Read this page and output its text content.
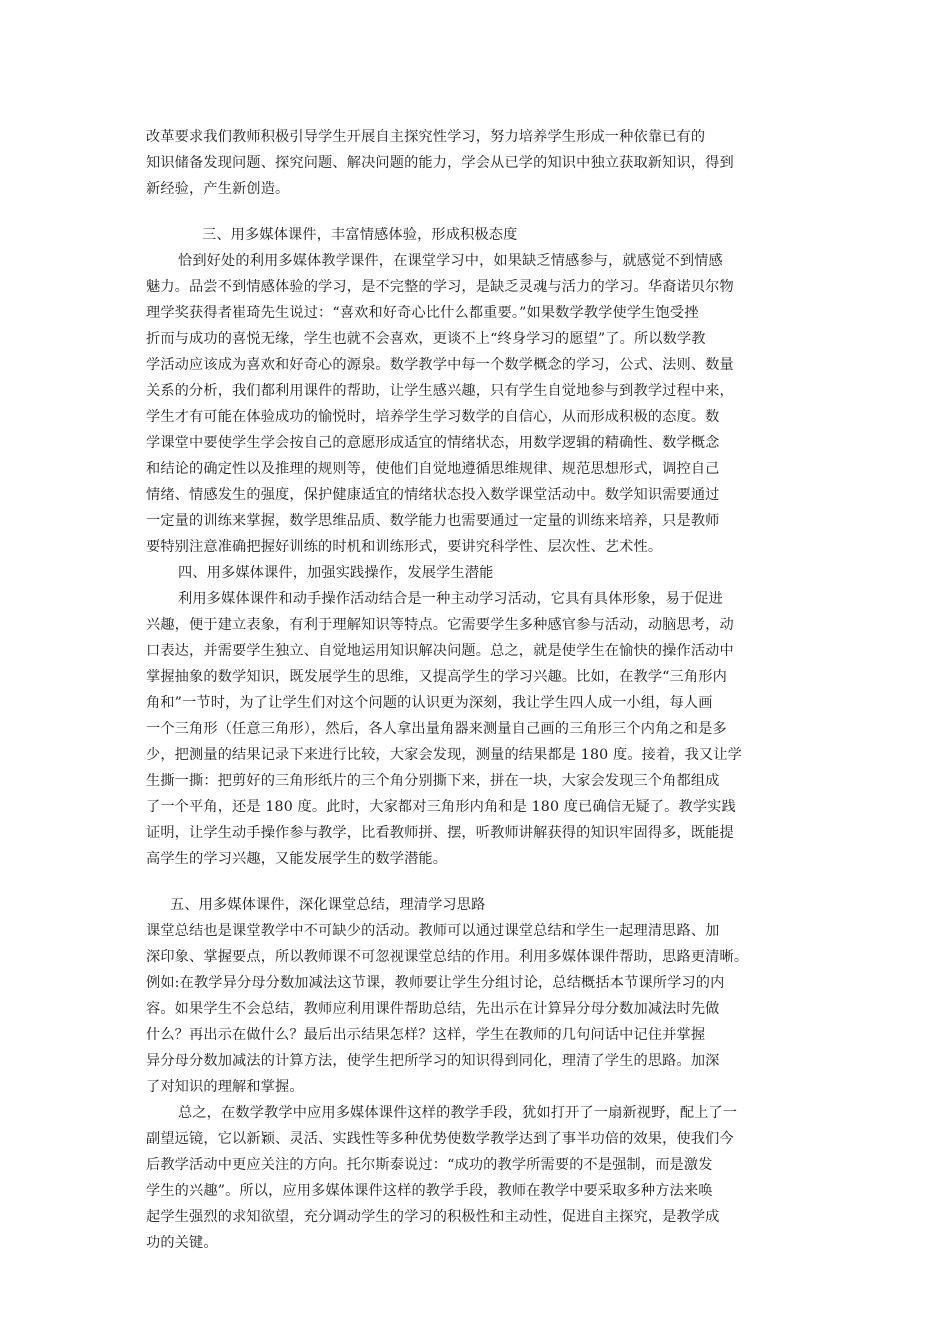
改革要求我们教师积极引导学生开展自主探究性学习，努力培养学生形成一种依靠已有的
知识储备发现问题、探究问题、解决问题的能力，学会从已学的知识中独立获取新知识，得到
新经验，产生新创造。
三、用多媒体课件，丰富情感体验，形成积极态度
恰到好处的利用多媒体教学课件，在课堂学习中，如果缺乏情感参与，就感觉不到情感
魅力。品尝不到情感体验的学习，是不完整的学习，是缺乏灵魂与活力的学习。华裔诺贝尔物
理学奖获得者崔琦先生说过：“喜欢和好奇心比什么都重要。”如果数学教学使学生饱受挫
折而与成功的喜悦无缘，学生也就不会喜欢，更谈不上“终身学习的愿望”了。所以数学教
学活动应该成为喜欢和好奇心的源泉。数学教学中每一个数学概念的学习，公式、法则、数量
关系的分析，我们都利用课件的帮助，让学生感兴趣，只有学生自觉地参与到教学过程中来，
学生才有可能在体验成功的愉悦时，培养学生学习数学的自信心，从而形成积极的态度。数
学课堂中要使学生学会按自己的意愿形成适宜的情绪状态，用数学逻辑的精确性、数学概念
和结论的确定性以及推理的规则等，使他们自觉地遵循思维规律、规范思想形式，调控自己
情绪、情感发生的强度，保护健康适宜的情绪状态投入数学课堂活动中。数学知识需要通过
一定量的训练来掌握，数学思维品质、数学能力也需要通过一定量的训练来培养，只是教师
要特别注意准确把握好训练的时机和训练形式，要讲究科学性、层次性、艺术性。
四、用多媒体课件，加强实践操作，发展学生潜能
利用多媒体课件和动手操作活动结合是一种主动学习活动，它具有具体形象，易于促进
兴趣，便于建立表象，有利于理解知识等特点。它需要学生多种感官参与活动，动脑思考，动
口表达，并需要学生独立、自觉地运用知识解决问题。总之，就是使学生在愉快的操作活动中
掌握抽象的数学知识，既发展学生的思维，又提高学生的学习兴趣。比如，在教学“三角形内
角和”一节时，为了让学生们对这个问题的认识更为深刻，我让学生四人成一小组，每人画
一个三角形（任意三角形），然后，各人拿出量角器来测量自己画的三角形三个内角之和是多
少，把测量的结果记录下来进行比较，大家会发现，测量的结果都是 180 度。接着，我又让学
生撕一撕：把剪好的三角形纸片的三个角分别撕下来，拼在一块，大家会发现三个角都组成
了一个平角，还是 180 度。此时，大家都对三角形内角和是 180 度已确信无疑了。教学实践
证明，让学生动手操作参与教学，比看教师拼、摆，听教师讲解获得的知识牢固得多，既能提
高学生的学习兴趣，又能发展学生的数学潜能。
五、用多媒体课件，深化课堂总结，理清学习思路
课堂总结也是课堂教学中不可缺少的活动。教师可以通过课堂总结和学生一起理清思路、加
深印象、掌握要点，所以教师课不可忽视课堂总结的作用。利用多媒体课件帮助，思路更清晰。
例如:在教学异分母分数加减法这节课，教师要让学生分组讨论，总结概括本节课所学习的内
容。如果学生不会总结，教师应利用课件帮助总结，先出示在计算异分母分数加减法时先做
什么？再出示在做什么？最后出示结果怎样？这样，学生在教师的几句问话中记住并掌握
异分母分数加减法的计算方法，使学生把所学习的知识得到同化，理清了学生的思路。加深
了对知识的理解和掌握。
总之，在数学教学中应用多媒体课件这样的教学手段，犹如打开了一扇新视野，配上了一
副望远镜，它以新颖、灵活、实践性等多种优势使数学教学达到了事半功倍的效果，使我们今
后教学活动中更应关注的方向。托尔斯泰说过：“成功的教学所需要的不是强制，而是激发
学生的兴趣”。所以，应用多媒体课件这样的教学手段，教师在教学中要采取多种方法来唤
起学生强烈的求知欲望，充分调动学生的学习的积极性和主动性，促进自主探究，是教学成
功的关键。
